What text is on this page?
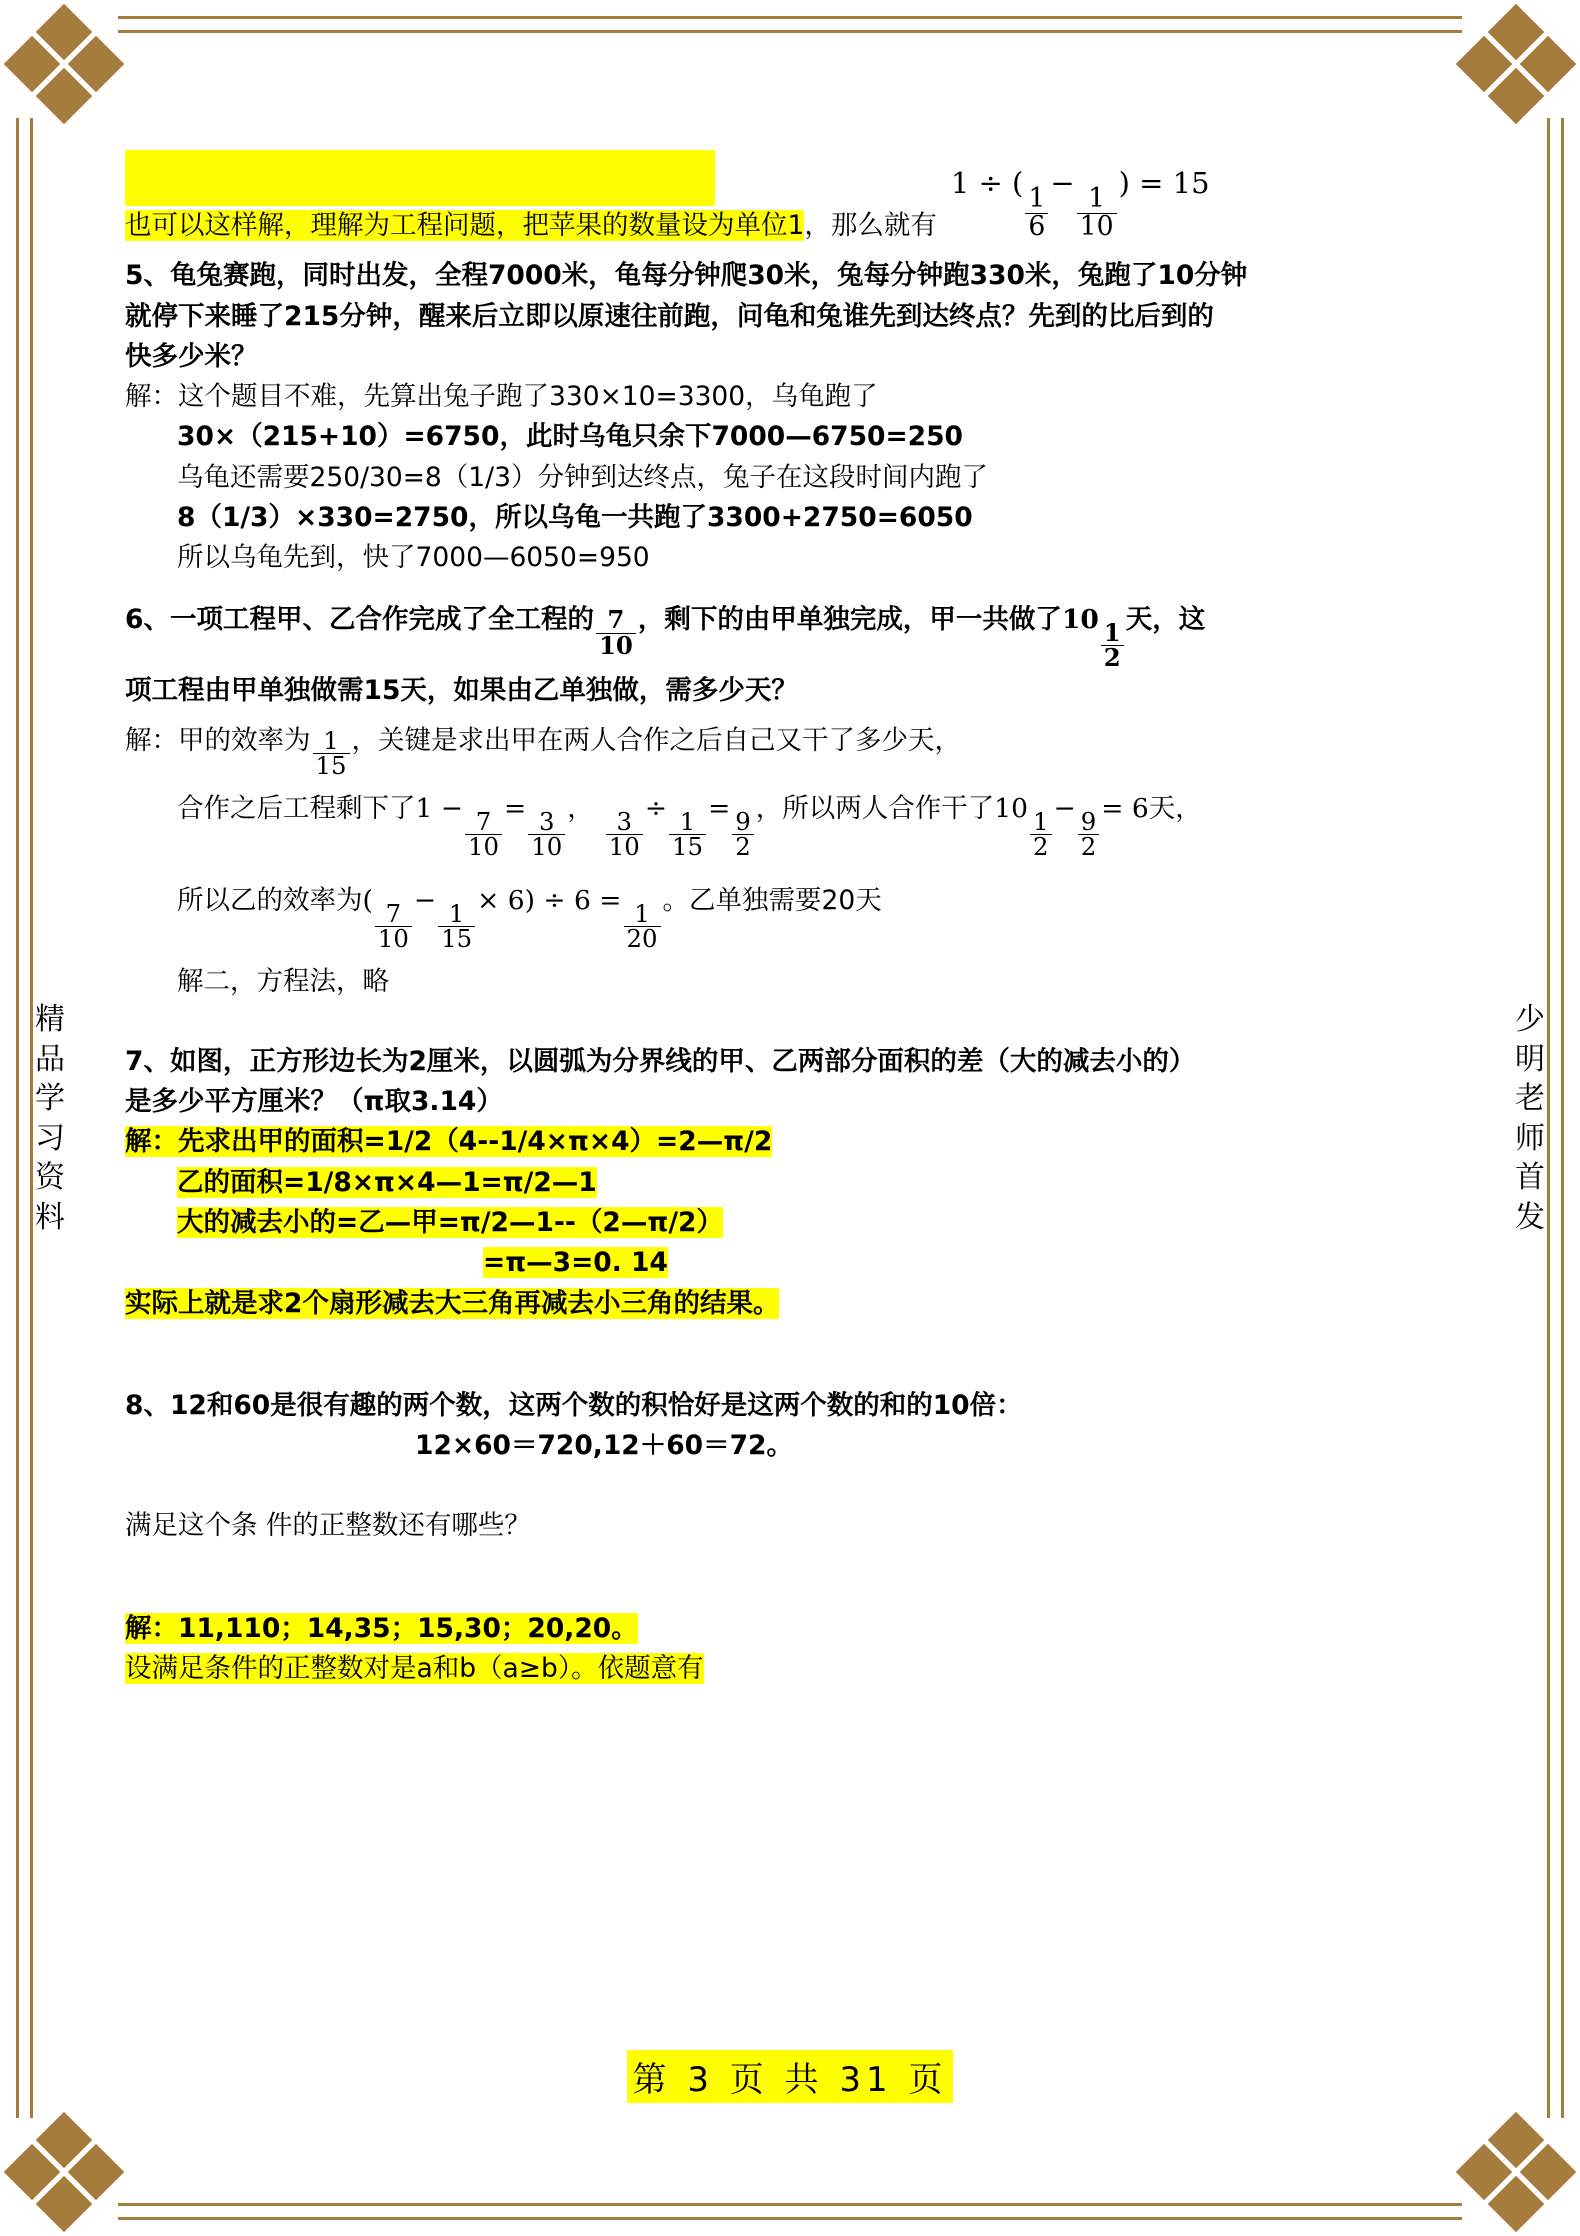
精
品
学
习
资
料
少
明
老
师
首
发
也可以这样解，理解为工程问题，把苹果的数量设为单位1，那么就有
1 ÷ (
$\frac{1}{6}$
−
$\frac{1}{10}$
) = 15
5、龟兔赛跑，同时出发，全程7000米，龟每分钟爬30米，兔每分钟跑330米，兔跑了10分钟
就停下来睡了215分钟，醒来后立即以原速往前跑，问龟和兔谁先到达终点？先到的比后到的
快多少米？
解：这个题目不难，先算出兔子跑了330×10=3300，乌龟跑了
30×（215+10）=6750，此时乌龟只余下7000—6750=250
乌龟还需要250/30=8（1/3）分钟到达终点，兔子在这段时间内跑了
8（1/3）×330=2750，所以乌龟一共跑了3300+2750=6050
所以乌龟先到，快了7000—6050=950
6、一项工程甲、乙合作完成了全工程的 $\frac{7}{10}$ ，剩下的由甲单独完成，甲一共做了 10
$\frac{1}{2}$
天，这
项工程由甲单独做需15天，如果由乙单独做，需多少天？
解：甲的效率为 $\frac{1}{15}$ ，关键是求出甲在两人合作之后自己又干了多少天，
合作之后工程剩下了 1 −
$\frac{7}{10}$
=
$\frac{3}{10}$
，
$\frac{3}{10}$
÷
$\frac{1}{15}$
=
$\frac{9}{2}$
， 所以两人合作干了 10
$\frac{1}{2}$
−
$\frac{9}{2}$
= 6 天，
所以乙的效率为 (
$\frac{7}{10}$
−
$\frac{1}{15}$
× 6) ÷ 6 =
$\frac{1}{20}$
。乙单独需要20天
解二，方程法，略
7、如图，正方形边长为2厘米，以圆弧为分界线的甲、乙两部分面积的差（大的减去小的）
是多少平方厘米？（π取3.14）
解：先求出甲的面积=1/2（4--1/4×π×4）=2—π/2
乙的面积=1/8×π×4—1=π/2—1
大的减去小的=乙—甲=π/2—1--（2—π/2）
=π—3=0. 14
实际上就是求2个扇形减去大三角再减去小三角的结果。
8、12和60是很有趣的两个数，这两个数的积恰好是这两个数的和的10倍：
12×60＝720,12＋60＝72。
满足这个条 件的正整数还有哪些？
解：11,110；14,35；15,30；20,20。
设满足条件的正整数对是a和b（a≥b）。依题意有
第 3 页 共 31 页
